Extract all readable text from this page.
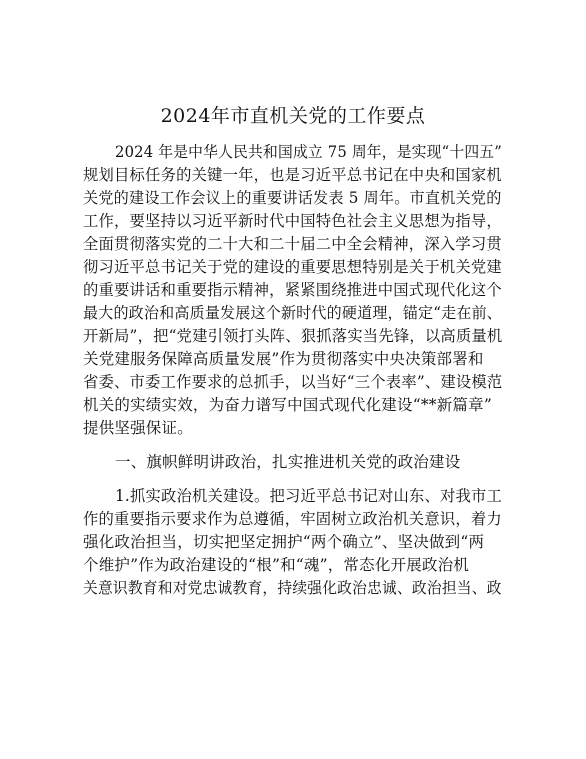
2024年市直机关党的工作要点
2024 年是中华人民共和国成立 75 周年，是实现“十四五”
规划目标任务的关键一年，也是习近平总书记在中央和国家机
关党的建设工作会议上的重要讲话发表 5 周年。市直机关党的
工作，要坚持以习近平新时代中国特色社会主义思想为指导，
全面贯彻落实党的二十大和二十届二中全会精神，深入学习贯
彻习近平总书记关于党的建设的重要思想特别是关于机关党建
的重要讲话和重要指示精神，紧紧围绕推进中国式现代化这个
最大的政治和高质量发展这个新时代的硬道理，锚定“走在前、
开新局”，把“党建引领打头阵、狠抓落实当先锋，以高质量机
关党建服务保障高质量发展”作为贯彻落实中央决策部署和
省委、市委工作要求的总抓手，以当好“三个表率”、建设模范
机关的实绩实效，为奋力谱写中国式现代化建设“**新篇章”
提供坚强保证。
一、旗帜鲜明讲政治，扎实推进机关党的政治建设
1.抓实政治机关建设。把习近平总书记对山东、对我市工
作的重要指示要求作为总遵循，牢固树立政治机关意识，着力
强化政治担当，切实把坚定拥护“两个确立”、坚决做到“两
个维护”作为政治建设的“根”和“魂”，常态化开展政治机
关意识教育和对党忠诚教育，持续强化政治忠诚、政治担当、政
